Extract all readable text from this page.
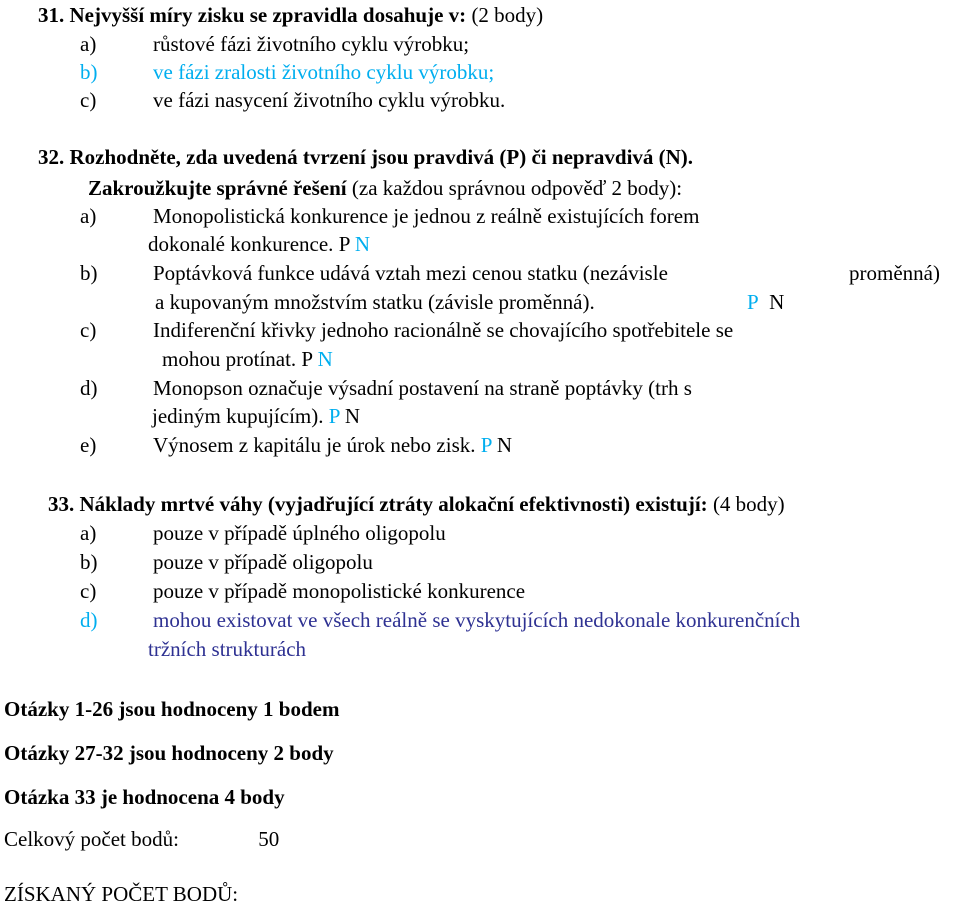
31. Nejvyšší míry zisku se zpravidla dosahuje v: (2 body)
a)	růstové fázi životního cyklu výrobku;
b)	ve fázi zralosti životního cyklu výrobku;
c)	ve fázi nasycení životního cyklu výrobku.
32. Rozhodněte, zda uvedená tvrzení jsou pravdivá (P) či nepravdivá (N).
Zakroužkujte správné řešení (za každou správnou odpověď 2 body):
a)	Monopolistická konkurence je jednou z reálně existujících forem
dokonalé konkurence. P N
b)	Poptávková funkce udává vztah mezi cenou statku (nezávisle	proměnná)
a kupovaným množstvím statku (závisle proměnná).	P N
c)	Indiferenční křivky jednoho racionálně se chovajícího spotřebitele se
mohou protínat. P N
d)	Monopson označuje výsadní postavení na straně poptávky (trh s
jediným kupujícím). P N
e)	Výnosem z kapitálu je úrok nebo zisk. P N
33. Náklady mrtvé váhy (vyjadřující ztráty alokační efektivnosti) existují: (4 body)
a)	pouze v případě úplného oligopolu
b)	pouze v případě oligopolu
c)	pouze v případě monopolistické konkurence
d)	mohou existovat ve všech reálně se vyskytujících nedokonale konkurenčních
tržních strukturách
Otázky 1-26 jsou hodnoceny 1 bodem
Otázky 27-32 jsou hodnoceny 2 body
Otázka 33 je hodnocena 4 body
Celkový počet bodů:	50
ZÍSKANÝ POČET BODŮ:
